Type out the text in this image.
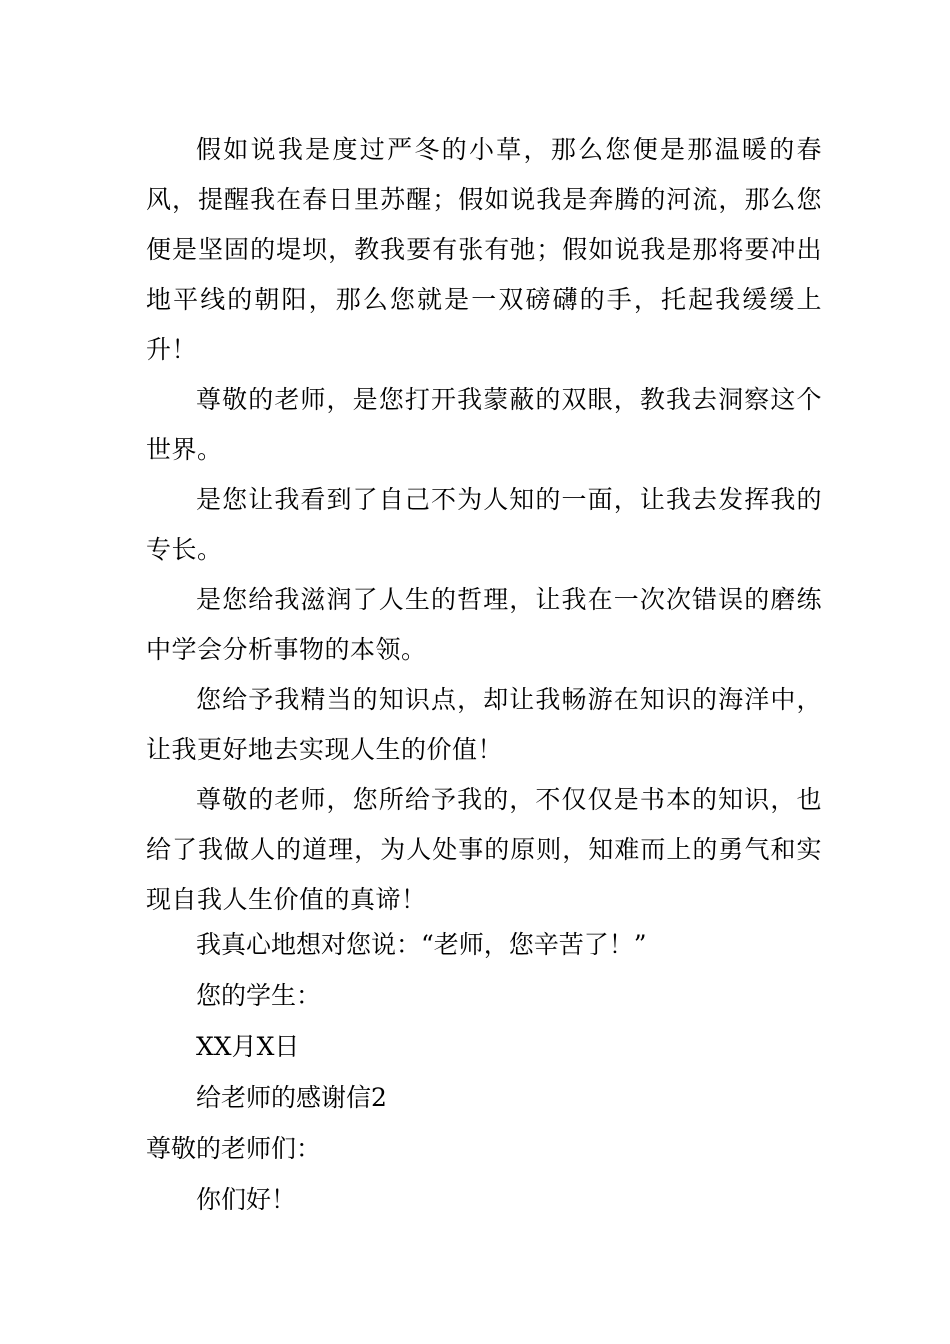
假如说我是度过严冬的小草，那么您便是那温暖的春风，提醒我在春日里苏醒；假如说我是奔腾的河流，那么您便是坚固的堤坝，教我要有张有弛；假如说我是那将要冲出地平线的朝阳，那么您就是一双磅礴的手，托起我缓缓上升！

尊敬的老师，是您打开我蒙蔽的双眼，教我去洞察这个世界。

是您让我看到了自己不为人知的一面，让我去发挥我的专长。

是您给我滋润了人生的哲理，让我在一次次错误的磨练中学会分析事物的本领。

您给予我精当的知识点，却让我畅游在知识的海洋中，让我更好地去实现人生的价值！

尊敬的老师，您所给予我的，不仅仅是书本的知识，也给了我做人的道理，为人处事的原则，知难而上的勇气和实现自我人生价值的真谛！

我真心地想对您说：“老师，您辛苦了！”
您的学生：
XX月X日
给老师的感谢信2
尊敬的老师们：
你们好！
